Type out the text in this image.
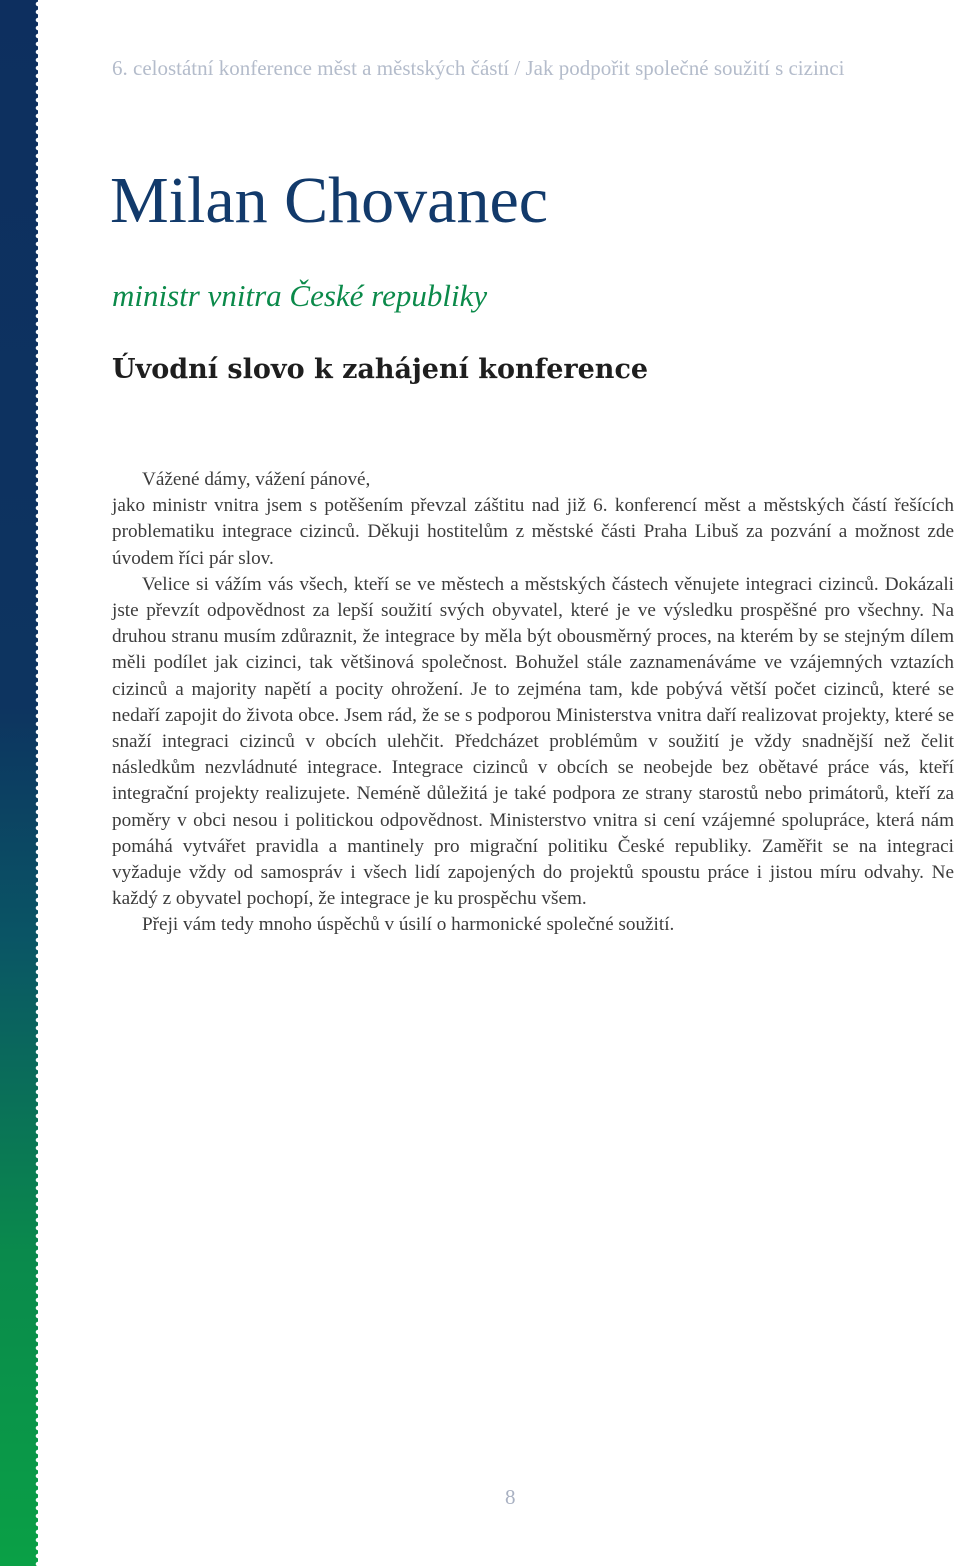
6. celostátní konference měst a městských částí / Jak podpořit společné soužití s cizinci
Milan Chovanec
ministr vnitra České republiky
Úvodní slovo k zahájení konference

Vážené dámy, vážení pánové,

jako ministr vnitra jsem s potěšením převzal záštitu nad již 6. konferencí měst a městských částí řešících problematiku integrace cizinců. Děkuji hostitelům z městské části Praha Libuš za pozvání a možnost zde úvodem říci pár slov.

Velice si vážím vás všech, kteří se ve městech a městských částech věnujete integraci cizinců. Dokázali jste převzít odpovědnost za lepší soužití svých obyvatel, které je ve výsledku prospěšné pro všechny. Na druhou stranu musím zdůraznit, že integrace by měla být obousměrný proces, na kterém by se stejným dílem měli podílet jak cizinci, tak většinová společnost. Bohužel stále zaznamenáváme ve vzájemných vztazích cizinců a majority napětí a pocity ohrožení. Je to zejména tam, kde pobývá větší počet cizinců, které se nedaří zapojit do života obce. Jsem rád, že se s podporou Ministerstva vnitra daří realizovat projekty, které se snaží integraci cizinců v obcích ulehčit. Předcházet problémům v soužití je vždy snadnější než čelit následkům nezvládnuté integrace. Integrace cizinců v obcích se neobejde bez obětavé práce vás, kteří integrační projekty realizujete. Neméně důležitá je také podpora ze strany starostů nebo primátorů, kteří za poměry v obci nesou i politickou odpovědnost. Ministerstvo vnitra si cení vzájemné spolupráce, která nám pomáhá vytvářet pravidla a mantinely pro migrační politiku České republiky. Zaměřit se na integraci vyžaduje vždy od samospráv i všech lidí zapojených do projektů spoustu práce i jistou míru odvahy. Ne každý z obyvatel pochopí, že integrace je ku prospěchu všem.

Přeji vám tedy mnoho úspěchů v úsilí o harmonické společné soužití.

8
